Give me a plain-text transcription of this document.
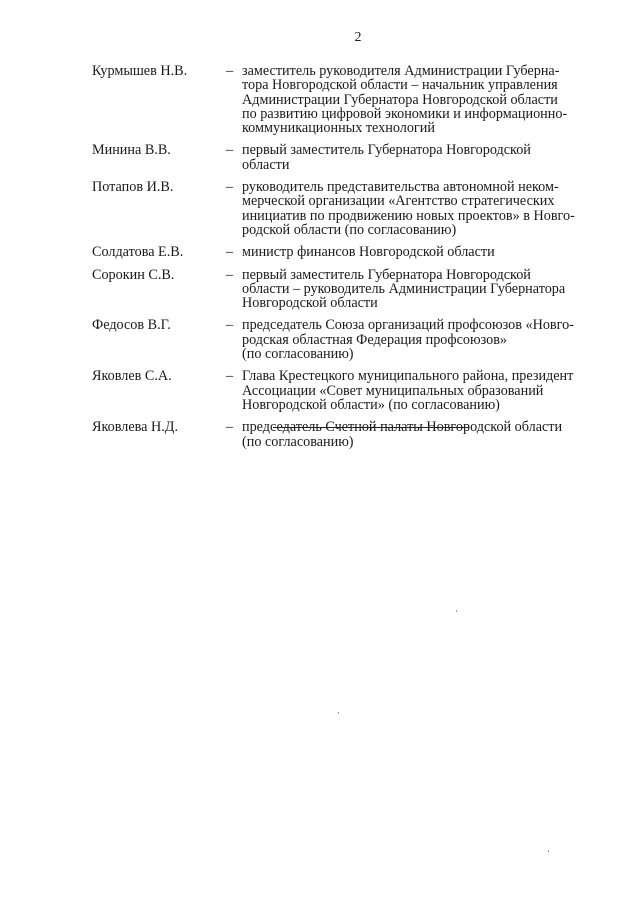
2
Курмышев Н.В.	– заместитель руководителя Администрации Губерна-
тора Новгородской области – начальник управления
Администрации Губернатора Новгородской области
по развитию цифровой экономики и информационно-
коммуникационных технологий
Минина В.В.	– первый заместитель Губернатора Новгородской
области
Потапов И.В.	– руководитель представительства автономной неком-
мерческой организации «Агентство стратегических
инициатив по продвижению новых проектов» в Новго-
родской области (по согласованию)
Солдатова Е.В.	– министр финансов Новгородской области
Сорокин С.В.	– первый заместитель Губернатора Новгородской
области – руководитель Администрации Губернатора
Новгородской области
Федосов В.Г.	– председатель Союза организаций профсоюзов «Новго-
родская областная Федерация профсоюзов»
(по согласованию)
Яковлев С.А.	– Глава Крестецкого муниципального района, президент
Ассоциации «Совет муниципальных образований
Новгородской области» (по согласованию)
Яковлева Н.Д.	– председатель Счетной палаты Новгородской области
(по согласованию)
